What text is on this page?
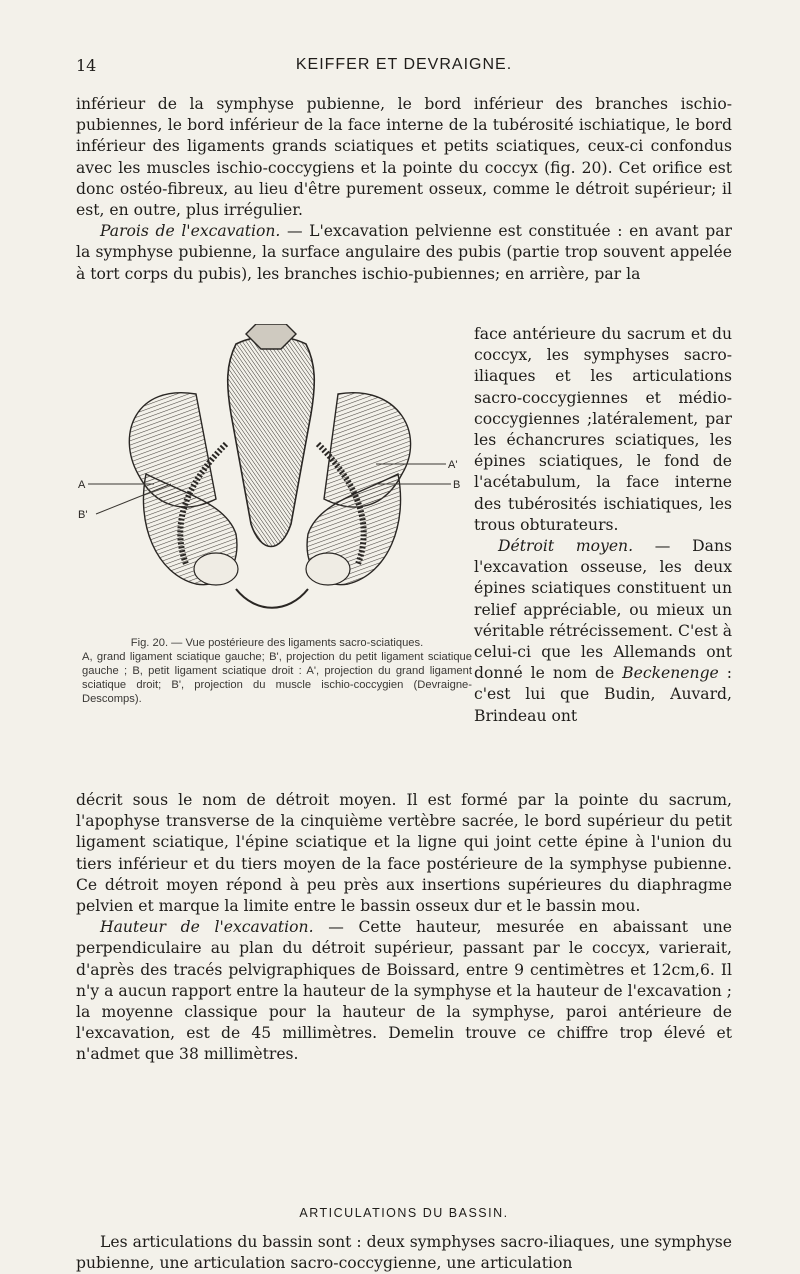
14	KEIFFER ET DEVRAIGNE.

inférieur de la symphyse pubienne, le bord inférieur des branches ischio-pubiennes, le bord inférieur de la face interne de la tubérosité ischiatique, le bord inférieur des ligaments grands sciatiques et petits sciatiques, ceux-ci confondus avec les muscles ischio-coccygiens et la pointe du coccyx (fig. 20). Cet orifice est donc ostéo-fibreux, au lieu d'être purement osseux, comme le détroit supérieur; il est, en outre, plus irrégulier.

Parois de l'excavation. — L'excavation pelvienne est constituée : en avant par la symphyse pubienne, la surface angulaire des pubis (partie trop souvent appelée à tort corps du pubis), les branches ischio-pubiennes; en arrière, par la

A
B'
A'
B
Fig. 20. — Vue postérieure des ligaments sacro-sciatiques.
A, grand ligament sciatique gauche; B', projection du petit ligament sciatique gauche ; B, petit ligament sciatique droit : A', projection du grand ligament sciatique droit; B', projection du muscle ischio-coccygien (Devraigne-Descomps).

face antérieure du sacrum et du coccyx, les symphyses sacro-iliaques et les articulations sacro-coccygiennes et médio-coccygiennes ;latéralement, par les échancrures sciatiques, les épines sciatiques, le fond de l'acétabulum, la face interne des tubérosités ischiatiques, les trous obturateurs.

Détroit moyen. — Dans l'excavation osseuse, les deux épines sciatiques constituent un relief appréciable, ou mieux un véritable rétrécissement. C'est à celui-ci que les Allemands ont donné le nom de Beckenenge : c'est lui que Budin, Auvard, Brindeau ont

décrit sous le nom de détroit moyen. Il est formé par la pointe du sacrum, l'apophyse transverse de la cinquième vertèbre sacrée, le bord supérieur du petit ligament sciatique, l'épine sciatique et la ligne qui joint cette épine à l'union du tiers inférieur et du tiers moyen de la face postérieure de la symphyse pubienne. Ce détroit moyen répond à peu près aux insertions supérieures du diaphragme pelvien et marque la limite entre le bassin osseux dur et le bassin mou.

Hauteur de l'excavation. — Cette hauteur, mesurée en abaissant une perpendiculaire au plan du détroit supérieur, passant par le coccyx, varierait, d'après des tracés pelvigraphiques de Boissard, entre 9 centimètres et 12cm,6. Il n'y a aucun rapport entre la hauteur de la symphyse et la hauteur de l'excavation ; la moyenne classique pour la hauteur de la symphyse, paroi antérieure de l'excavation, est de 45 millimètres. Demelin trouve ce chiffre trop élevé et n'admet que 38 millimètres.

ARTICULATIONS DU BASSIN.

Les articulations du bassin sont : deux symphyses sacro-iliaques, une symphyse pubienne, une articulation sacro-coccygienne, une articulation
